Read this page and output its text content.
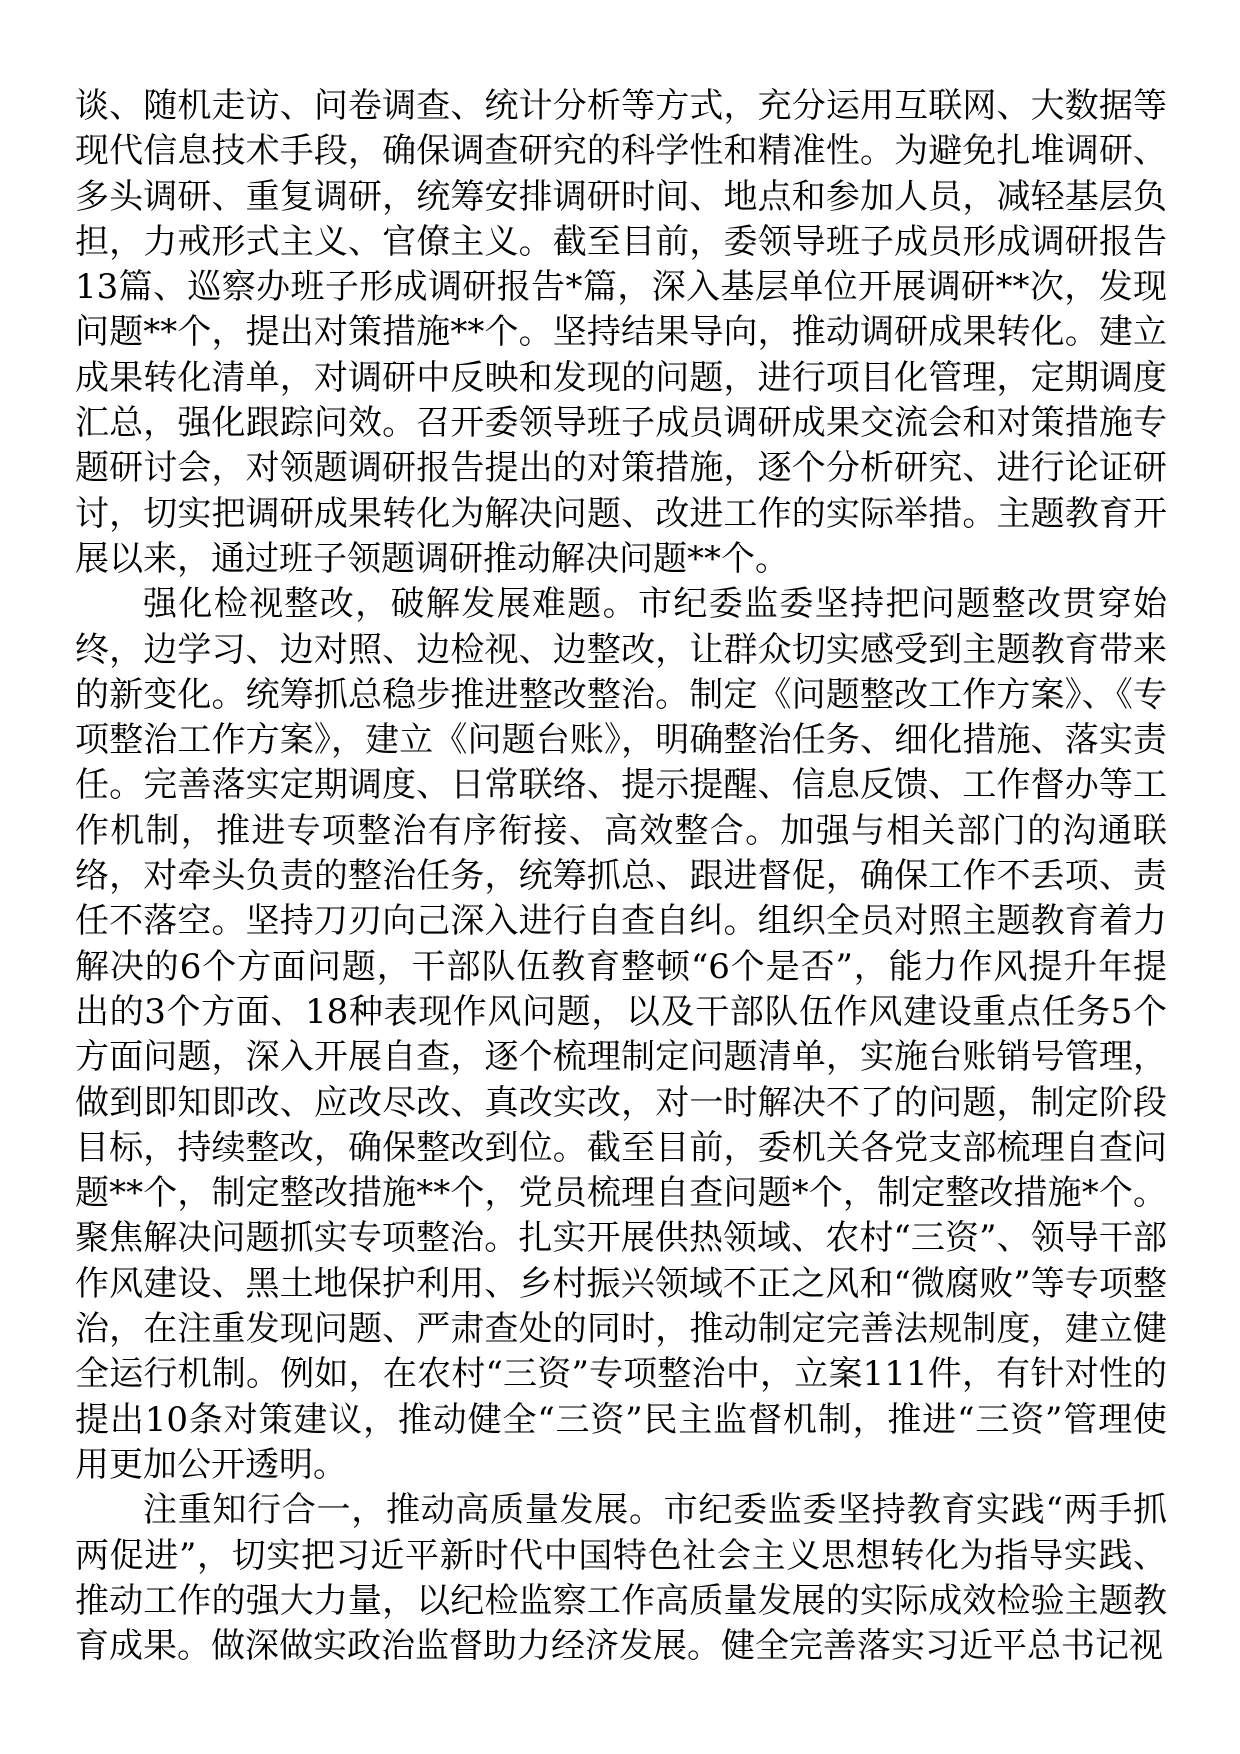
谈、随机走访、问卷调查、统计分析等方式，充分运用互联网、大数据等现代信息技术手段，确保调查研究的科学性和精准性。为避免扎堆调研、多头调研、重复调研，统筹安排调研时间、地点和参加人员，减轻基层负担，力戒形式主义、官僚主义。截至目前，委领导班子成员形成调研报告13篇、巡察办班子形成调研报告*篇，深入基层单位开展调研**次，发现问题**个，提出对策措施**个。坚持结果导向，推动调研成果转化。建立成果转化清单，对调研中反映和发现的问题，进行项目化管理，定期调度汇总，强化跟踪问效。召开委领导班子成员调研成果交流会和对策措施专题研讨会，对领题调研报告提出的对策措施，逐个分析研究、进行论证研讨，切实把调研成果转化为解决问题、改进工作的实际举措。主题教育开展以来，通过班子领题调研推动解决问题**个。

强化检视整改，破解发展难题。市纪委监委坚持把问题整改贯穿始终，边学习、边对照、边检视、边整改，让群众切实感受到主题教育带来的新变化。统筹抓总稳步推进整改整治。制定《问题整改工作方案》、《专项整治工作方案》，建立《问题台账》，明确整治任务、细化措施、落实责任。完善落实定期调度、日常联络、提示提醒、信息反馈、工作督办等工作机制，推进专项整治有序衔接、高效整合。加强与相关部门的沟通联络，对牵头负责的整治任务，统筹抓总、跟进督促，确保工作不丢项、责任不落空。坚持刀刃向己深入进行自查自纠。组织全员对照主题教育着力解决的6个方面问题，干部队伍教育整顿“6个是否”，能力作风提升年提出的3个方面、18种表现作风问题，以及干部队伍作风建设重点任务5个方面问题，深入开展自查，逐个梳理制定问题清单，实施台账销号管理，做到即知即改、应改尽改、真改实改，对一时解决不了的问题，制定阶段目标，持续整改，确保整改到位。截至目前，委机关各党支部梳理自查问题**个，制定整改措施**个，党员梳理自查问题*个，制定整改措施*个。聚焦解决问题抓实专项整治。扎实开展供热领域、农村“三资”、领导干部作风建设、黑土地保护利用、乡村振兴领域不正之风和“微腐败”等专项整治，在注重发现问题、严肃查处的同时，推动制定完善法规制度，建立健全运行机制。例如，在农村“三资”专项整治中，立案111件，有针对性的提出10条对策建议，推动健全“三资”民主监督机制，推进“三资”管理使用更加公开透明。

注重知行合一，推动高质量发展。市纪委监委坚持教育实践“两手抓两促进”，切实把习近平新时代中国特色社会主义思想转化为指导实践、推动工作的强大力量，以纪检监察工作高质量发展的实际成效检验主题教育成果。做深做实政治监督助力经济发展。健全完善落实习近平总书记视
